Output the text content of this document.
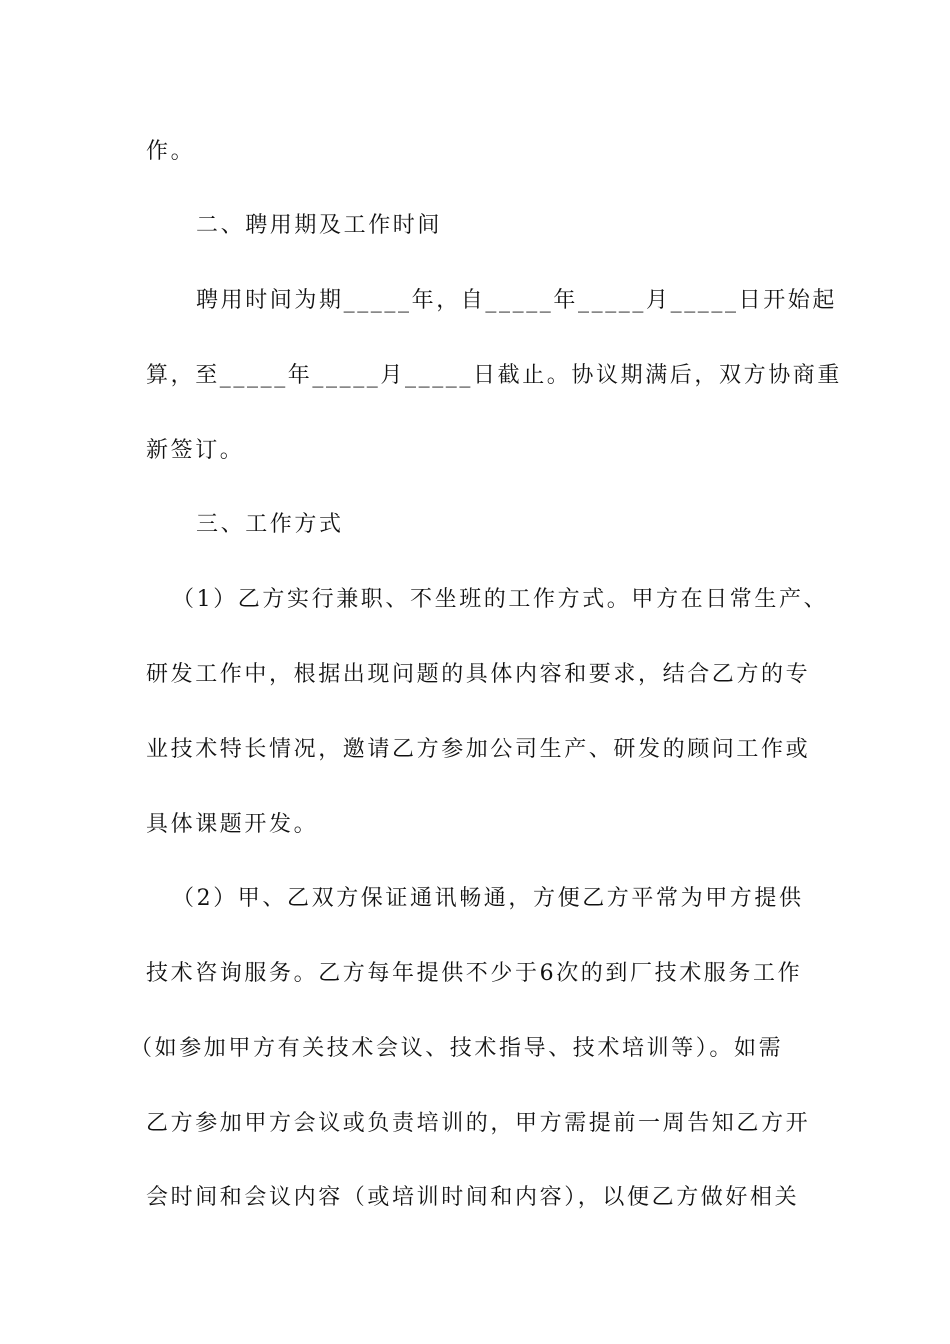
作。
二、聘用期及工作时间
聘用时间为期_____年，自_____年_____月_____日开始起
算，至_____年_____月_____日截止。协议期满后，双方协商重
新签订。
三、工作方式
（1）乙方实行兼职、不坐班的工作方式。甲方在日常生产、
研发工作中，根据出现问题的具体内容和要求，结合乙方的专
业技术特长情况，邀请乙方参加公司生产、研发的顾问工作或
具体课题开发。
（2）甲、乙双方保证通讯畅通，方便乙方平常为甲方提供
技术咨询服务。乙方每年提供不少于6次的到厂技术服务工作
（如参加甲方有关技术会议、技术指导、技术培训等）。如需
乙方参加甲方会议或负责培训的，甲方需提前一周告知乙方开
会时间和会议内容（或培训时间和内容），以便乙方做好相关
